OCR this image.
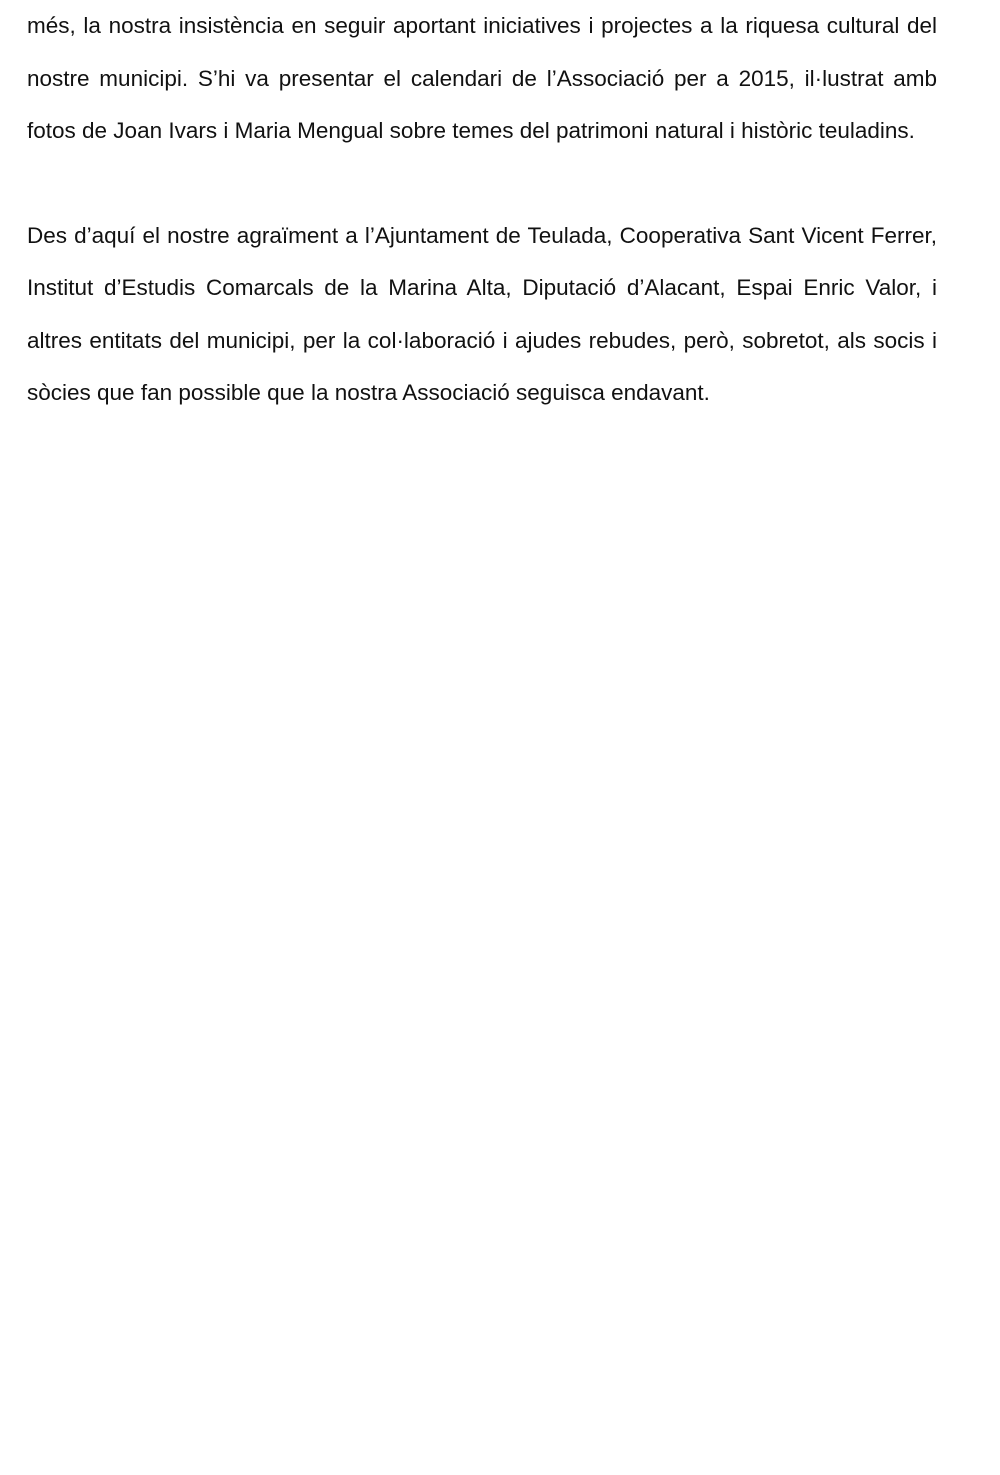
més, la nostra insistència en seguir aportant iniciatives i projectes a la riquesa cultural del nostre municipi. S’hi va presentar el calendari de l’Associació per a 2015, il·lustrat amb fotos de Joan Ivars i Maria Mengual sobre temes del patrimoni natural i històric teuladins.

Des d’aquí el nostre agraïment a l’Ajuntament de Teulada, Cooperativa Sant Vicent Ferrer, Institut d’Estudis Comarcals de la Marina Alta, Diputació d’Alacant, Espai Enric Valor, i altres entitats del municipi, per la col·laboració i ajudes rebudes, però, sobretot, als socis i sòcies que fan possible que la nostra Associació seguisca endavant.
